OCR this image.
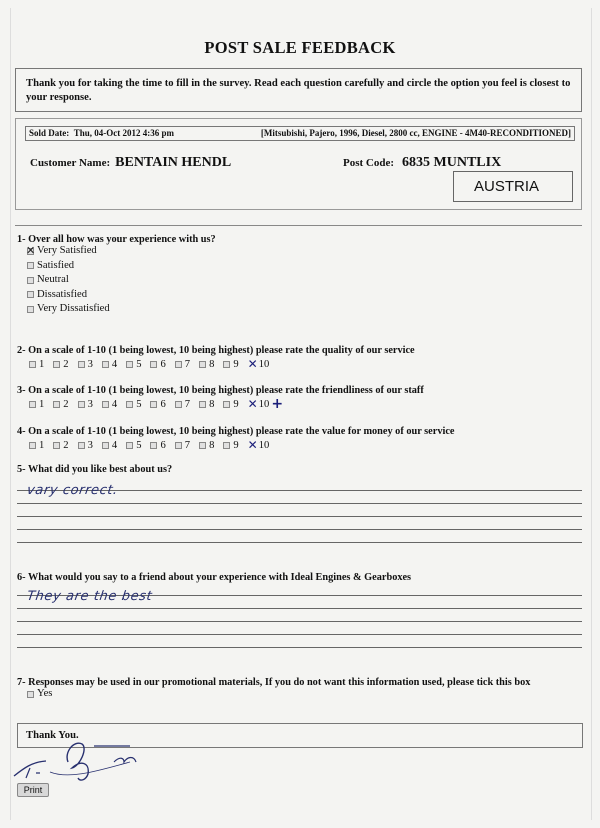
POST SALE FEEDBACK
Thank you for taking the time to fill in the survey. Read each question carefully and circle the option you feel is closest to your response.
Sold Date: Thu, 04-Oct 2012 4:36 pm	[Mitsubishi, Pajero, 1996, Diesel, 2800 cc, ENGINE - 4M40-RECONDITIONED]
Customer Name: BENTAIN HENDL	Post Code: 6835 MUNTLIX
AUSTRIA
1- Over all how was your experience with us?
✕
Very Satisfied
Satisfied
Neutral
Dissatisfied
Very Dissatisfied
2- On a scale of 1-10 (1 being lowest, 10 being highest) please rate the quality of our service
1 2 3 4 5 6 7 8 9 ✕ 10
3- On a scale of 1-10 (1 being lowest, 10 being highest) please rate the friendliness of our staff
1 2 3 4 5 6 7 8 9 ✕ 10 +
4- On a scale of 1-10 (1 being lowest, 10 being highest) please rate the value for money of our service
1 2 3 4 5 6 7 8 9 ✕ 10
5- What did you like best about us?
vary correct.
6- What would you say to a friend about your experience with Ideal Engines & Gearboxes
They are the best
7- Responses may be used in our promotional materials, If you do not want this information used, please tick this box
Yes
Thank You.
Print
